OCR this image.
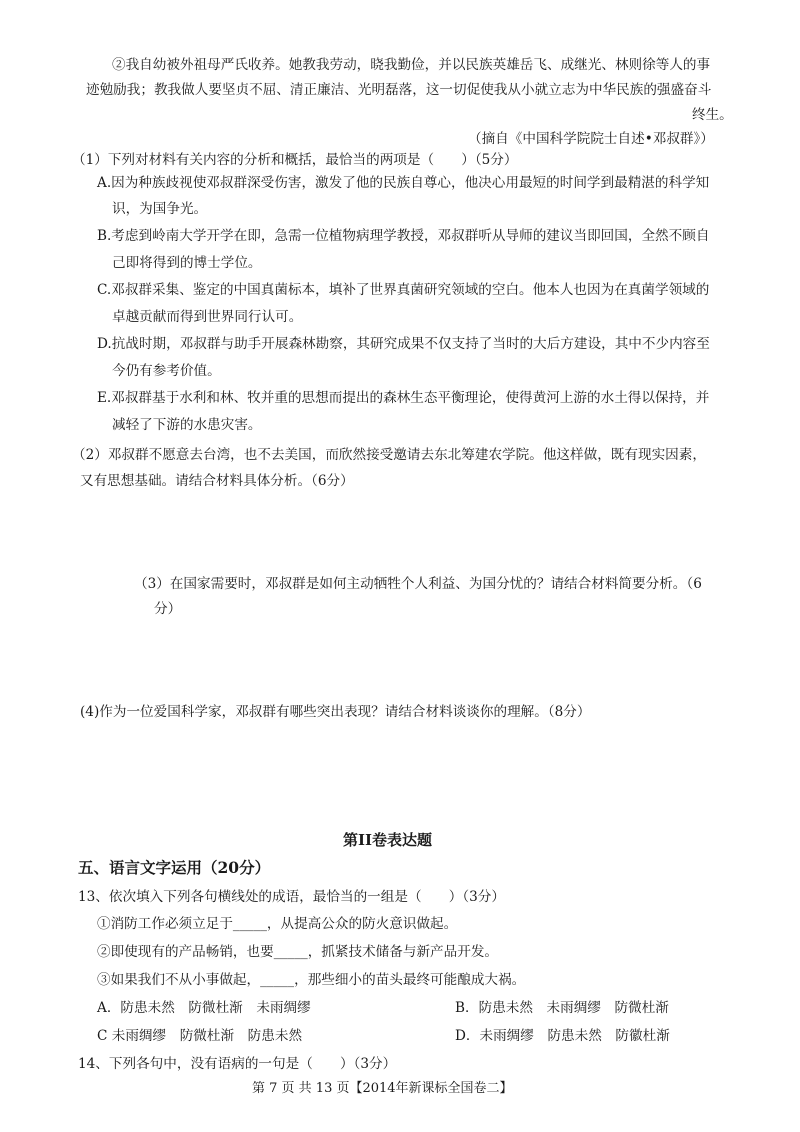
②我自幼被外祖母严氏收养。她教我劳动，晓我勤俭，并以民族英雄岳飞、成继光、林则徐等人的事
迹勉励我；教我做人要坚贞不屈、清正廉洁、光明磊落，这一切促使我从小就立志为中华民族的强盛奋斗
终生。
（摘自《中国科学院院士自述•邓叔群》）
（1）下列对材料有关内容的分析和概括，最恰当的两项是（　　）（5分）
A.因为种族歧视使邓叔群深受伤害，激发了他的民族自尊心，他决心用最短的时间学到最精湛的科学知
识，为国争光。
B.考虑到岭南大学开学在即，急需一位植物病理学教授，邓叔群听从导师的建议当即回国，全然不顾自
己即将得到的博士学位。
C.邓叔群采集、鉴定的中国真菌标本，填补了世界真菌研究领域的空白。他本人也因为在真菌学领域的
卓越贡献而得到世界同行认可。
D.抗战时期，邓叔群与助手开展森林勘察，其研究成果不仅支持了当时的大后方建设，其中不少内容至
今仍有参考价值。
E.邓叔群基于水利和林、牧并重的思想而提出的森林生态平衡理论，使得黄河上游的水土得以保持，并
减轻了下游的水患灾害。
（2）邓叔群不愿意去台湾，也不去美国，而欣然接受邀请去东北筹建农学院。他这样做，既有现实因素，
又有思想基础。请结合材料具体分析。（6分）
（3）在国家需要时，邓叔群是如何主动牺牲个人利益、为国分忧的？请结合材料简要分析。（6
分）
(4)作为一位爱国科学家，邓叔群有哪些突出表现？请结合材料谈谈你的理解。（8分）
第II卷表达题
五、语言文字运用（20分）
13、依次填入下列各句横线处的成语，最恰当的一组是（　　）（3分）
①消防工作必须立足于_____，从提高公众的防火意识做起。
②即使现有的产品畅销，也要_____，抓紧技术储备与新产品开发。
③如果我们不从小事做起，_____，那些细小的苗头最终可能酿成大祸。
A．防患未然　防微杜渐　未雨绸缪	B．防患未然　未雨绸缪　防微杜渐
C 未雨绸缪　防微杜渐　防患未然	D．未雨绸缪　防患未然　防徽杜渐
14、下列各句中，没有语病的一句是（　　）（3分）
第 7 页 共 13 页【2014年新课标全国卷二】
